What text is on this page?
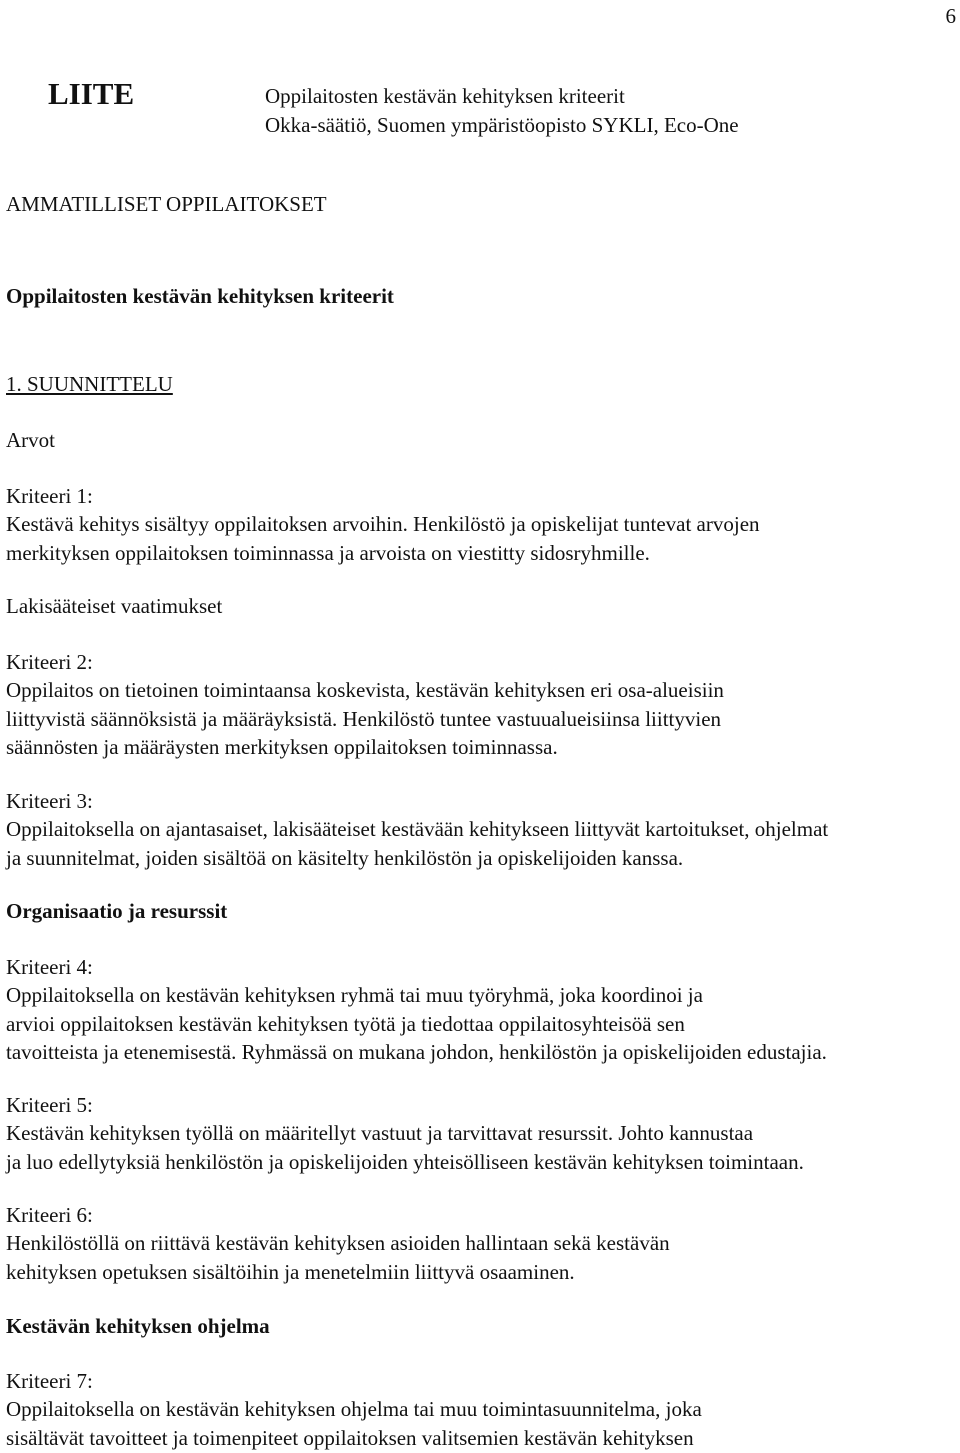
6
LIITE	Oppilaitosten kestävän kehityksen kriteerit
Okka-säätiö, Suomen ympäristöopisto SYKLI, Eco-One
AMMATILLISET OPPILAITOKSET
Oppilaitosten kestävän kehityksen kriteerit
1. SUUNNITTELU
Arvot
Kriteeri 1:
Kestävä kehitys sisältyy oppilaitoksen arvoihin. Henkilöstö ja opiskelijat tuntevat arvojen
merkityksen oppilaitoksen toiminnassa ja arvoista on viestitty sidosryhmille.
Lakisääteiset vaatimukset
Kriteeri 2:
Oppilaitos on tietoinen toimintaansa koskevista, kestävän kehityksen eri osa-alueisiin
liittyvistä säännöksistä ja määräyksistä. Henkilöstö tuntee vastuualueisiinsa liittyvien
säännösten ja määräysten merkityksen oppilaitoksen toiminnassa.
Kriteeri 3:
Oppilaitoksella on ajantasaiset, lakisääteiset kestävään kehitykseen liittyvät kartoitukset, ohjelmat
ja suunnitelmat, joiden sisältöä on käsitelty henkilöstön ja opiskelijoiden kanssa.
Organisaatio ja resurssit
Kriteeri 4:
Oppilaitoksella on kestävän kehityksen ryhmä tai muu työryhmä, joka koordinoi ja
arvioi oppilaitoksen kestävän kehityksen työtä ja tiedottaa oppilaitosyhteisöä sen
tavoitteista ja etenemisestä. Ryhmässä on mukana johdon, henkilöstön ja opiskelijoiden edustajia.
Kriteeri 5:
Kestävän kehityksen työllä on määritellyt vastuut ja tarvittavat resurssit. Johto kannustaa
ja luo edellytyksiä henkilöstön ja opiskelijoiden yhteisölliseen kestävän kehityksen toimintaan.
Kriteeri 6:
Henkilöstöllä on riittävä kestävän kehityksen asioiden hallintaan sekä kestävän
kehityksen opetuksen sisältöihin ja menetelmiin liittyvä osaaminen.
Kestävän kehityksen ohjelma
Kriteeri 7:
Oppilaitoksella on kestävän kehityksen ohjelma tai muu toimintasuunnitelma, joka
sisältävät tavoitteet ja toimenpiteet oppilaitoksen valitsemien kestävän kehityksen
